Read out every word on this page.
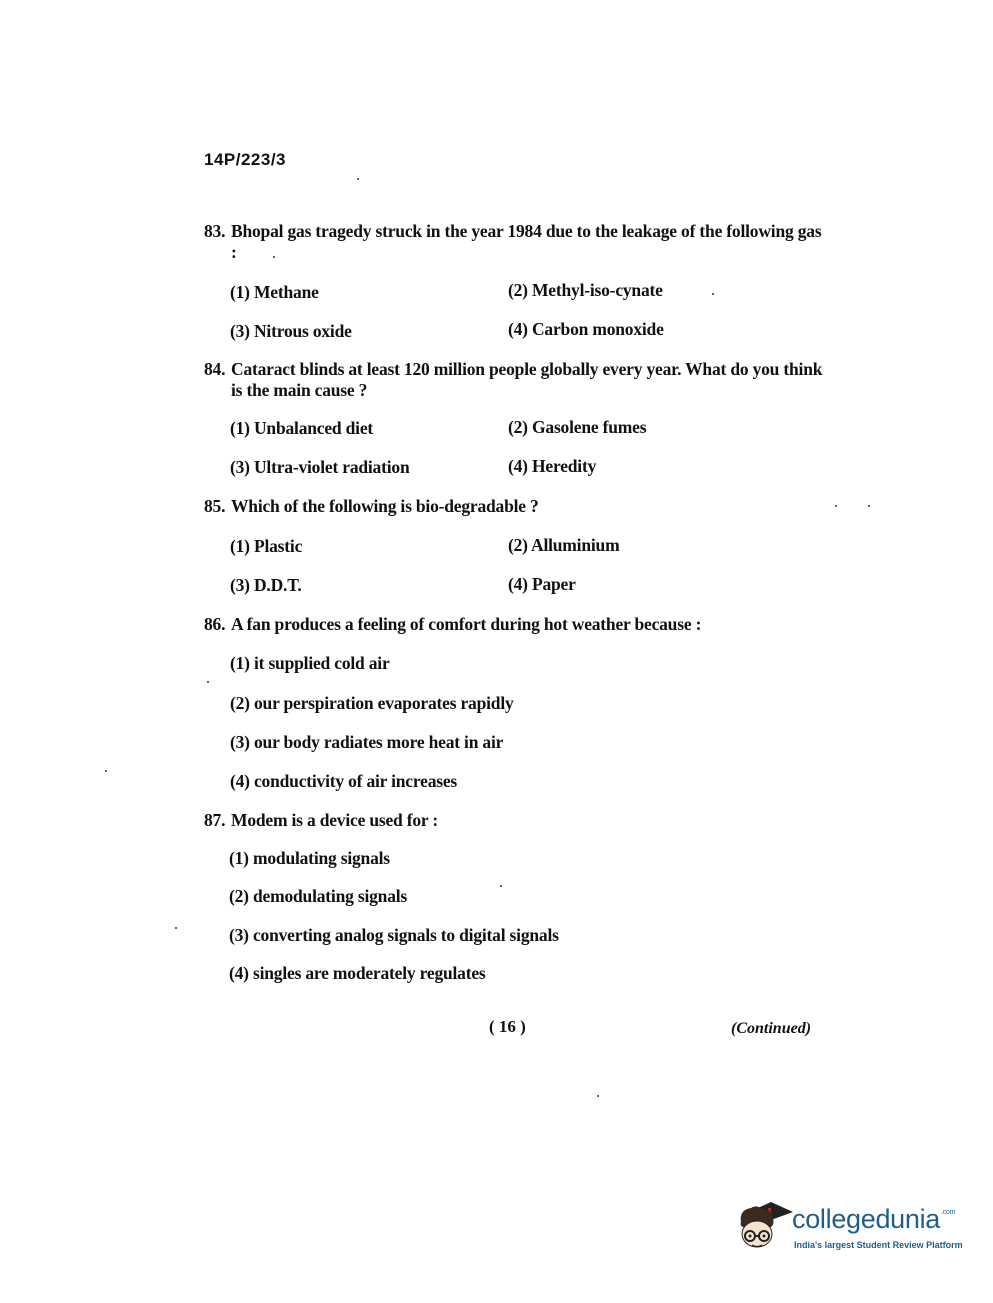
14P/223/3
83. Bhopal gas tragedy struck in the year 1984 due to the leakage of the following gas :
(1) Methane	(2) Methyl-iso-cynate
(3) Nitrous oxide	(4) Carbon monoxide
84. Cataract blinds at least 120 million people globally every year. What do you think is the main cause ?
(1) Unbalanced diet	(2) Gasolene fumes
(3) Ultra-violet radiation	(4) Heredity
85. Which of the following is bio-degradable ?
(1) Plastic	(2) Alluminium
(3) D.D.T.	(4) Paper
86. A fan produces a feeling of comfort during hot weather because :
(1) it supplied cold air
(2) our perspiration evaporates rapidly
(3) our body radiates more heat in air
(4) conductivity of air increases
87. Modem is a device used for :
(1) modulating signals
(2) demodulating signals
(3) converting analog signals to digital signals
(4) singles are moderately regulates
( 16 )	(Continued)
collegedunia$^{.com}$
India's largest Student Review Platform
